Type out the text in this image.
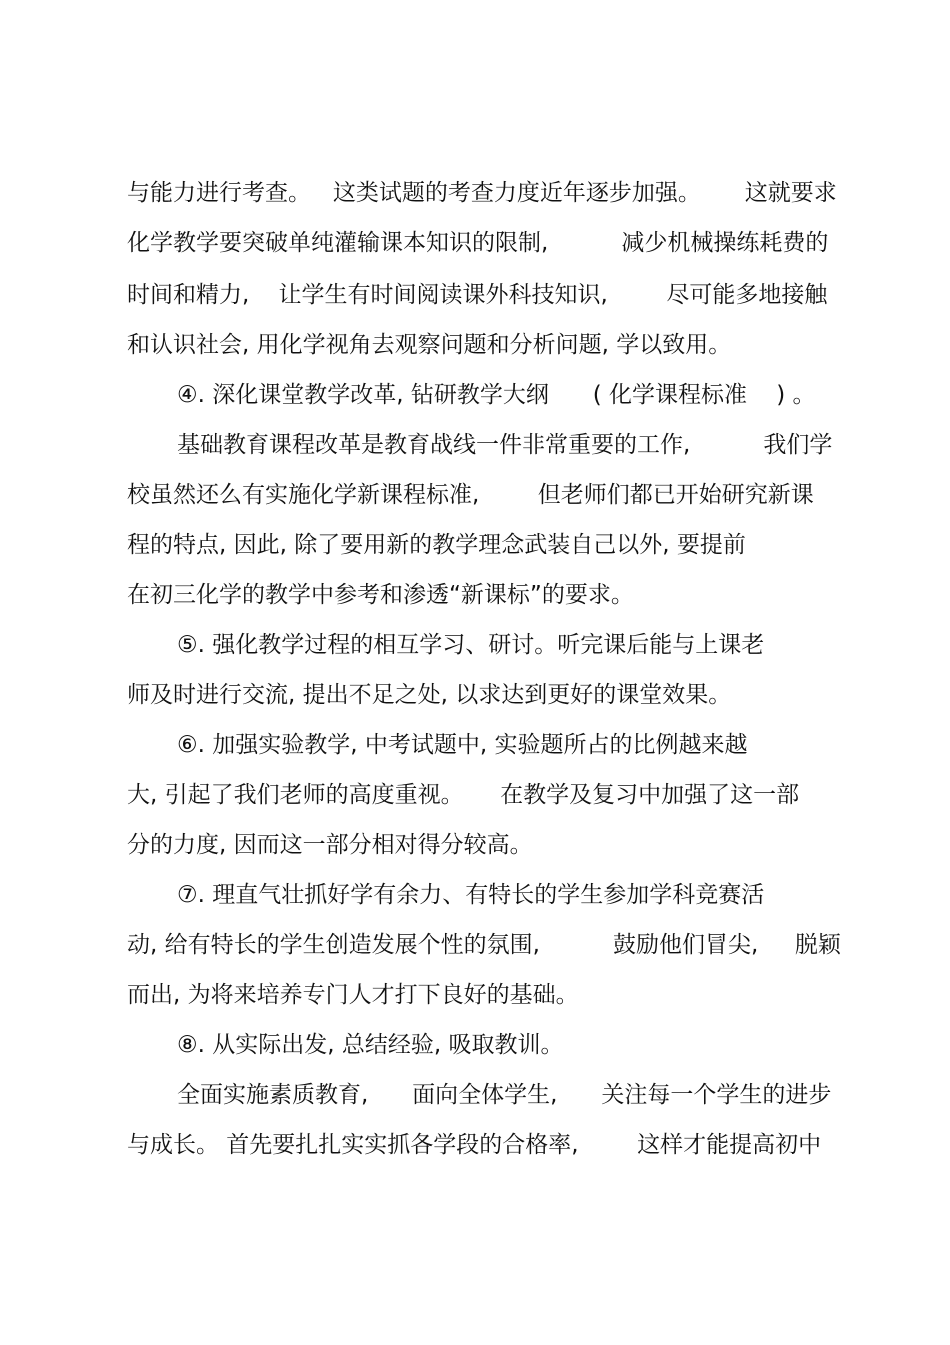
与能力进行考查。   这类试题的考查力度近年逐步加强。      这就要求
化学教学要突破单纯灌输课本知识的限制,          减少机械操练耗费的
时间和精力,    让学生有时间阅读课外科技知识,        尽可能多地接触
和认识社会, 用化学视角去观察问题和分析问题, 学以致用。
④. 深化课堂教学改革, 钻研教学大纲      ( 化学课程标准    ) 。
基础教育课程改革是教育战线一件非常重要的工作,          我们学
校虽然还么有实施化学新课程标准,        但老师们都已开始研究新课
程的特点, 因此, 除了要用新的教学理念武装自己以外, 要提前
在初三化学的教学中参考和渗透“新课标”的要求。
⑤. 强化教学过程的相互学习、研讨。听完课后能与上课老
师及时进行交流, 提出不足之处, 以求达到更好的课堂效果。
⑥. 加强实验教学, 中考试题中, 实验题所占的比例越来越
大, 引起了我们老师的高度重视。     在教学及复习中加强了这一部
分的力度, 因而这一部分相对得分较高。
⑦. 理直气壮抓好学有余力、有特长的学生参加学科竞赛活
动, 给有特长的学生创造发展个性的氛围,          鼓励他们冒尖,     脱颖
而出, 为将来培养专门人才打下良好的基础。
⑧. 从实际出发, 总结经验, 吸取教训。
全面实施素质教育,      面向全体学生,      关注每一个学生的进步
与成长。 首先要扎扎实实抓各学段的合格率,        这样才能提高初中
